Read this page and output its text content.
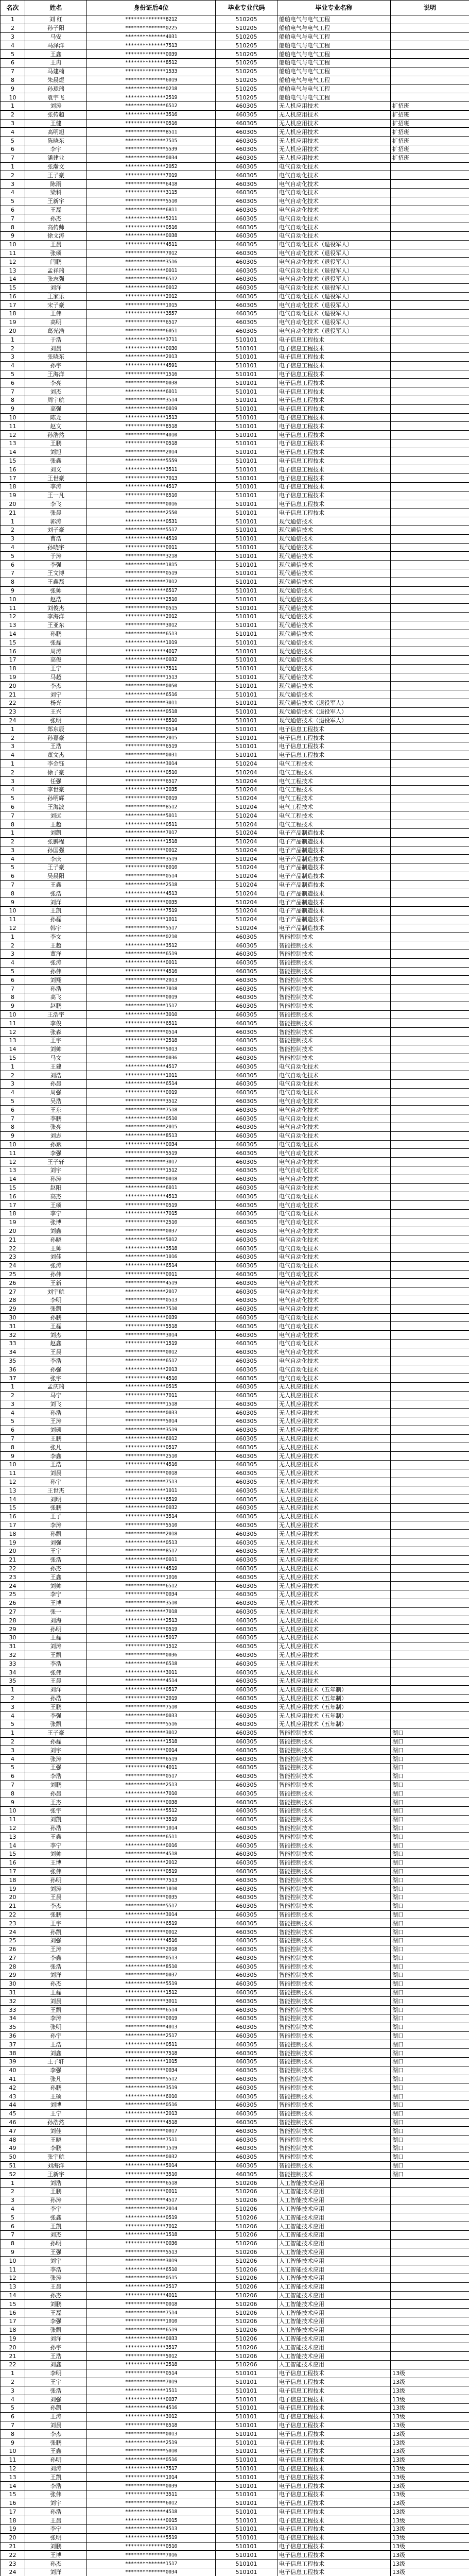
名次	姓名	身份证后4位	毕业专业代码	毕业专业名称	说明
1	刘 红	**************8212	510205	船舶电气与电气工程	
2	孙子阳	**************0225	510205	船舶电气与电气工程	
3	马安	**************4031	510205	船舶电气与电气工程	
4	马泽洋	**************7513	510205	船舶电气与电气工程	
5	王鑫	**************0039	510205	船舶电气与电气工程	
6	王冉	**************8512	510205	船舶电气与电气工程	
7	马建楠	**************1533	510205	船舶电气与电气工程	
8	朱晨煜	**************6019	510205	船舶电气与电气工程	
9	孙珑瑞	**************0218	510205	船舶电气与电气工程	
10	袁宇飞	**************2519	510205	船舶电气与电气工程	
1	刘涛	**************6512	460305	无人机应用技术	扩招班
2	张传超	**************3516	460305	无人机应用技术	扩招班
3	王健	**************0516	460305	无人机应用技术	扩招班
4	高明旭	**************8511	460305	无人机应用技术	扩招班
5	陈晓东	**************7515	460305	无人机应用技术	扩招班
6	李宇	**************5539	460305	无人机应用技术	扩招班
7	潘建业	**************0034	460305	无人机应用技术	扩招班
1	张瀚文	**************2052	460305	电气自动化技术	
2	王子豪	**************7019	460305	电气自动化技术	
3	陈雨	**************6418	460305	电气自动化技术	
4	梁科	**************3115	460305	电气自动化技术	
5	王新宇	**************5510	460305	电气自动化技术	
6	王磊	**************6811	460305	电气自动化技术	
7	孙杰	**************5211	460305	电气自动化技术	
8	高传帅	**************0516	460305	电气自动化技术	
9	徐文涛	**************0038	460305	电气自动化技术	
10	王晨	**************4511	460305	电气自动化技术（退役军人）	
11	张硕	**************7012	460305	电气自动化技术（退役军人）	
12	闫鹏	**************3516	460305	电气自动化技术（退役军人）	
13	孟祥瑞	**************0011	460305	电气自动化技术（退役军人）	
14	张志强	**************6512	460305	电气自动化技术（退役军人）	
15	刘洋	**************0012	460305	电气自动化技术（退役军人）	
16	王家乐	**************2012	460305	电气自动化技术（退役军人）	
17	宋子豪	**************1015	460305	电气自动化技术（退役军人）	
18	王伟	**************3557	460305	电气自动化技术（退役军人）	
19	高明	**************6517	460305	电气自动化技术（退役军人）	
20	葛光浩	**************6051	460305	电气自动化技术（退役军人）	
1	于浩	**************3711	510101	电子信息工程技术	
2	刘晨	**************0030	510101	电子信息工程技术	
3	张晓东	**************2013	510101	电子信息工程技术	
4	孙宇	**************4591	510101	电子信息工程技术	
5	王海洋	**************1516	510101	电子信息工程技术	
6	李亮	**************0038	510101	电子信息工程技术	
7	刘杰	**************6011	510101	电子信息工程技术	
8	周宇航	**************3514	510101	电子信息工程技术	
9	高强	**************0019	510101	电子信息工程技术	
10	陈龙	**************1513	510101	电子信息工程技术	
11	赵文	**************8518	510101	电子信息工程技术	
12	孙浩然	**************4010	510101	电子信息工程技术	
13	王鹏	**************0518	510101	电子信息工程技术	
14	刘旭	**************2014	510101	电子信息工程技术	
15	张鑫	**************5559	510101	电子信息工程技术	
16	刘义	**************3511	510101	电子信息工程技术	
17	王世豪	**************7013	510101	电子信息工程技术	
18	李涛	**************4517	510101	电子信息工程技术	
19	王一凡	**************6510	510101	电子信息工程技术	
20	李飞	**************0016	510101	电子信息工程技术	
21	张晨	**************2550	510101	电子信息工程技术	
1	郭涛	**************0531	510101	现代通信技术	
2	刘子豪	**************5517	510101	现代通信技术	
3	曹浩	**************4519	510101	现代通信技术	
4	孙晓宇	**************0011	510101	现代通信技术	
5	于涛	**************3218	510101	现代通信技术	
6	李强	**************1815	510101	现代通信技术	
7	王文博	**************0519	510101	现代通信技术	
8	王鑫磊	**************7012	510101	现代通信技术	
9	张帅	**************6517	510101	现代通信技术	
10	赵浩	**************2510	510101	现代通信技术	
11	刘俊杰	**************0515	510101	现代通信技术	
12	李海洋	**************2012	510101	现代通信技术	
13	王亚东	**************3012	510101	现代通信技术	
14	孙鹏	**************6513	510101	现代通信技术	
15	张磊	**************1019	510101	现代通信技术	
16	周涛	**************4017	510101	现代通信技术	
17	高俊	**************0032	510101	现代通信技术	
18	王宁	**************7511	510101	现代通信技术	
19	马超	**************1513	510101	现代通信技术	
20	李杰	**************0050	510101	现代通信技术	
21	刘宁	**************6516	510101	现代通信技术	
22	杨光	**************3011	510101	现代通信技术（退役军人）	
23	王兴	**************0518	510101	现代通信技术（退役军人）	
24	张明	**************8510	510101	现代通信技术（退役军人）	
1	郑东辰	**************0514	510101	电子信息工程技术	
2	孙嘉豪	**************2015	510101	电子信息工程技术	
3	王浩	**************6519	510101	电子信息工程技术	
4	董文杰	**************0031	510101	电子信息工程技术	
1	李金钰	**************3014	510204	电气工程技术	
2	徐子豪	**************0510	510204	电气工程技术	
3	任强	**************6517	510204	电气工程技术	
4	李世豪	**************2035	510204	电气工程技术	
5	孙明辉	**************0019	510204	电气工程技术	
6	王海波	**************8512	510204	电气工程技术	
7	刘远	**************5011	510204	电气工程技术	
8	王超	**************0511	510204	电气工程技术	
1	刘凯	**************7017	510204	电子产品制造技术	
2	张鹏程	**************1518	510204	电子产品制造技术	
3	孙国强	**************0012	510204	电子产品制造技术	
4	李庆	**************3519	510204	电子产品制造技术	
5	王子豪	**************6010	510204	电子产品制造技术	
6	吴晨阳	**************0514	510204	电子产品制造技术	
7	王鑫	**************2518	510204	电子产品制造技术	
8	张浩	**************4513	510204	电子产品制造技术	
9	刘洋	**************0035	510204	电子产品制造技术	
10	王凯	**************7519	510204	电子产品制造技术	
11	孙磊	**************1011	510204	电子产品制造技术	
12	韩宇	**************5517	510204	电子产品制造技术	
1	李文	**************0210	460305	智能控制技术	
2	王超	**************3512	460305	智能控制技术	
3	董洋	**************6519	460305	智能控制技术	
4	张涛	**************0011	460305	智能控制技术	
5	孙伟	**************4516	460305	智能控制技术	
6	刘翔	**************2013	460305	智能控制技术	
7	孙浩	**************7018	460305	智能控制技术	
8	高飞	**************0019	460305	智能控制技术	
9	赵鹏	**************1517	460305	智能控制技术	
10	王浩宇	**************3010	460305	智能控制技术	
11	李俊	**************6511	460305	智能控制技术	
12	张森	**************0514	460305	智能控制技术	
13	王宇	**************2518	460305	智能控制技术	
14	刘帅	**************5013	460305	智能控制技术	
15	马文	**************0036	460305	智能控制技术	
1	王建	**************4517	460305	电气自动化技术	
2	刘浩	**************1011	460305	电气自动化技术	
3	孙晨	**************6514	460305	电气自动化技术	
4	周强	**************0019	460305	电气自动化技术	
5	吴浩	**************3512	460305	电气自动化技术	
6	王东	**************7518	460305	电气自动化技术	
7	李鹏	**************0510	460305	电气自动化技术	
8	张亮	**************2015	460305	电气自动化技术	
9	刘志	**************8513	460305	电气自动化技术	
10	孙斌	**************0034	460305	电气自动化技术	
11	李强	**************5519	460305	电气自动化技术	
12	王子轩	**************3017	460305	电气自动化技术	
13	刘宇	**************1512	460305	电气自动化技术	
14	孙涛	**************0018	460305	电气自动化技术	
15	赵阳	**************6011	460305	电气自动化技术	
16	高杰	**************4513	460305	电气自动化技术	
17	王硕	**************0519	460305	电气自动化技术	
18	李宁	**************7015	460305	电气自动化技术	
19	张博	**************2510	460305	电气自动化技术	
20	刘鑫	**************0037	460305	电气自动化技术	
21	孙晓	**************5012	460305	电气自动化技术	
22	王帅	**************3518	460305	电气自动化技术	
23	刘佳	**************1016	460305	电气自动化技术	
24	张涛	**************6514	460305	电气自动化技术	
25	孙伟	**************0011	460305	电气自动化技术	
26	王新	**************4519	460305	电气自动化技术	
27	刘宇航	**************2017	460305	电气自动化技术	
28	李明	**************0513	460305	电气自动化技术	
29	张凯	**************7510	460305	电气自动化技术	
30	孙鹏	**************0039	460305	电气自动化技术	
31	王磊	**************5518	460305	电气自动化技术	
32	刘杰	**************3014	460305	电气自动化技术	
33	赵鑫	**************1519	460305	电气自动化技术	
34	王晨	**************0012	460305	电气自动化技术	
35	李浩	**************6517	460305	电气自动化技术	
36	孙强	**************2013	460305	电气自动化技术	
37	张宇	**************4510	460305	电气自动化技术	
1	孟庆瑞	**************0515	460305	无人机应用技术	
2	马宁	**************7011	460305	无人机应用技术	
3	刘飞	**************1518	460305	无人机应用技术	
4	孙浩	**************0033	460305	无人机应用技术	
5	王涛	**************5014	460305	无人机应用技术	
6	刘硕	**************3519	460305	无人机应用技术	
7	王鹏	**************6012	460305	无人机应用技术	
8	张凡	**************0517	460305	无人机应用技术	
9	李鑫	**************2510	460305	无人机应用技术	
10	王浩	**************4516	460305	无人机应用技术	
11	刘晨	**************0018	460305	无人机应用技术	
12	孙宇	**************7513	460305	无人机应用技术	
13	王世杰	**************1011	460305	无人机应用技术	
14	刘明	**************6519	460305	无人机应用技术	
15	张鹏	**************0032	460305	无人机应用技术	
16	王子	**************3514	460305	无人机应用技术	
17	李涛	**************5510	460305	无人机应用技术	
18	孙凯	**************2018	460305	无人机应用技术	
19	刘强	**************0513	460305	无人机应用技术	
20	王宇	**************8517	460305	无人机应用技术	
21	张浩	**************0011	460305	无人机应用技术	
22	孙杰	**************4519	460305	无人机应用技术	
23	王鑫	**************1016	460305	无人机应用技术	
24	刘帅	**************6512	460305	无人机应用技术	
25	李宁	**************0034	460305	无人机应用技术	
26	王博	**************3510	460305	无人机应用技术	
27	张一	**************7018	460305	无人机应用技术	
28	刘海	**************2513	460305	无人机应用技术	
29	孙明	**************0519	460305	无人机应用技术	
30	王磊	**************5017	460305	无人机应用技术	
31	刘涛	**************1512	460305	无人机应用技术	
32	王凯	**************0036	460305	无人机应用技术	
33	李浩	**************6518	460305	无人机应用技术	
34	张伟	**************3011	460305	无人机应用技术	
35	王晨	**************4514	460305	无人机应用技术	
1	刘洋	**************0517	460305	无人机应用技术（五年制）	
2	孙浩	**************2019	460305	无人机应用技术（五年制）	
3	王鹏	**************7510	460305	无人机应用技术（五年制）	
4	李强	**************0033	460305	无人机应用技术（五年制）	
5	张凯	**************5516	460305	无人机应用技术（五年制）	
1	王子豪	**************3012	460305	智能控制技术	湖口
2	孙磊	**************1518	460305	智能控制技术	湖口
3	刘宇	**************0014	460305	智能控制技术	湖口
4	张涛	**************6519	460305	智能控制技术	湖口
5	王强	**************4011	460305	智能控制技术	湖口
6	李浩	**************0517	460305	智能控制技术	湖口
7	刘鹏	**************2513	460305	智能控制技术	湖口
8	孙晨	**************7010	460305	智能控制技术	湖口
9	王杰	**************0038	460305	智能控制技术	湖口
10	张宇	**************5512	460305	智能控制技术	湖口
11	刘凯	**************3519	460305	智能控制技术	湖口
12	孙浩	**************1014	460305	智能控制技术	湖口
13	王鑫	**************6511	460305	智能控制技术	湖口
14	李宁	**************0016	460305	智能控制技术	湖口
15	刘帅	**************4518	460305	智能控制技术	湖口
16	王博	**************2012	460305	智能控制技术	湖口
17	张伟	**************0519	460305	智能控制技术	湖口
18	孙明	**************7513	460305	智能控制技术	湖口
19	刘涛	**************1010	460305	智能控制技术	湖口
20	王晨	**************0035	460305	智能控制技术	湖口
21	李杰	**************5517	460305	智能控制技术	湖口
22	张鹏	**************3014	460305	智能控制技术	湖口
23	王宇	**************6519	460305	智能控制技术	湖口
24	孙凯	**************0012	460305	智能控制技术	湖口
25	刘强	**************4516	460305	智能控制技术	湖口
26	王涛	**************2018	460305	智能控制技术	湖口
27	李鑫	**************0513	460305	智能控制技术	湖口
28	张浩	**************8510	460305	智能控制技术	湖口
29	刘洋	**************0037	460305	智能控制技术	湖口
30	孙杰	**************5519	460305	智能控制技术	湖口
31	王磊	**************1512	460305	智能控制技术	湖口
32	刘晨	**************3011	460305	智能控制技术	湖口
33	王凯	**************6514	460305	智能控制技术	湖口
34	李涛	**************0019	460305	智能控制技术	湖口
35	张明	**************4013	460305	智能控制技术	湖口
36	孙宇	**************2517	460305	智能控制技术	湖口
37	王浩	**************0511	460305	智能控制技术	湖口
38	刘鑫	**************7518	460305	智能控制技术	湖口
39	王子轩	**************1015	460305	智能控制技术	湖口
40	李强	**************0034	460305	智能控制技术	湖口
41	张凡	**************5512	460305	智能控制技术	湖口
42	孙鹏	**************3519	460305	智能控制技术	湖口
43	王硕	**************6010	460305	智能控制技术	湖口
44	刘博	**************0516	460305	智能控制技术	湖口
45	王宁	**************2013	460305	智能控制技术	湖口
46	孙浩然	**************4518	460305	智能控制技术	湖口
47	刘佳	**************0017	460305	智能控制技术	湖口
48	王晓	**************7511	460305	智能控制技术	湖口
49	李鹏	**************1519	460305	智能控制技术	湖口
50	张宇航	**************0032	460305	智能控制技术	湖口
51	刘海洋	**************5014	460305	智能控制技术	湖口
52	王新宇	**************3510	460305	智能控制技术	湖口
1	刘浩	**************6518	510206	人工智能技术应用	
2	王鹏	**************0011	510206	人工智能技术应用	
3	孙涛	**************4517	510206	人工智能技术应用	
4	李宇	**************2014	510206	人工智能技术应用	
5	张鑫	**************0519	510206	人工智能技术应用	
6	王凯	**************7012	510206	人工智能技术应用	
7	刘杰	**************1518	510206	人工智能技术应用	
8	孙明	**************0036	510206	人工智能技术应用	
9	王强	**************5513	510206	人工智能技术应用	
10	刘宇	**************3019	510206	人工智能技术应用	
11	李浩	**************6510	510206	人工智能技术应用	
12	张涛	**************0515	510206	人工智能技术应用	
13	王晨	**************2517	510206	人工智能技术应用	
14	孙杰	**************4011	510206	人工智能技术应用	
15	刘鹏	**************0018	510206	人工智能技术应用	
16	王磊	**************7514	510206	人工智能技术应用	
17	李强	**************1010	510206	人工智能技术应用	
18	张凯	**************6519	510206	人工智能技术应用	
19	刘洋	**************0033	510206	人工智能技术应用	
20	孙宇	**************3517	510206	人工智能技术应用	
21	王浩	**************5012	510206	人工智能技术应用	
22	刘鑫	**************2518	510206	人工智能技术应用	
1	李明	**************0514	510101	电子信息工程技术	13级
2	王宇	**************7019	510101	电子信息工程技术	13级
3	张浩	**************1511	510101	电子信息工程技术	13级
4	刘强	**************0037	510101	电子信息工程技术	13级
5	孙凯	**************4516	510101	电子信息工程技术	13级
6	王涛	**************3012	510101	电子信息工程技术	13级
7	刘晨	**************6518	510101	电子信息工程技术	13级
8	李杰	**************0013	510101	电子信息工程技术	13级
9	张鹏	**************2519	510101	电子信息工程技术	13级
10	王鑫	**************5010	510101	电子信息工程技术	13级
11	孙明	**************0516	510101	电子信息工程技术	13级
12	刘涛	**************7517	510101	电子信息工程技术	13级
13	王凯	**************1014	510101	电子信息工程技术	13级
14	李浩	**************0039	510101	电子信息工程技术	13级
15	张伟	**************3511	510101	电子信息工程技术	13级
16	刘宇	**************6012	510101	电子信息工程技术	13级
17	孙浩	**************4518	510101	电子信息工程技术	13级
18	王晨	**************0015	510101	电子信息工程技术	13级
19	李宁	**************2513	510101	电子信息工程技术	13级
20	张明	**************5519	510101	电子信息工程技术	13级
21	刘鹏	**************0510	510101	电子信息工程技术	13级
22	王博	**************7016	510101	电子信息工程技术	13级
23	孙杰	**************1517	510101	电子信息工程技术	13级
24	刘洋	**************0034	510101	电子信息工程技术	13级
